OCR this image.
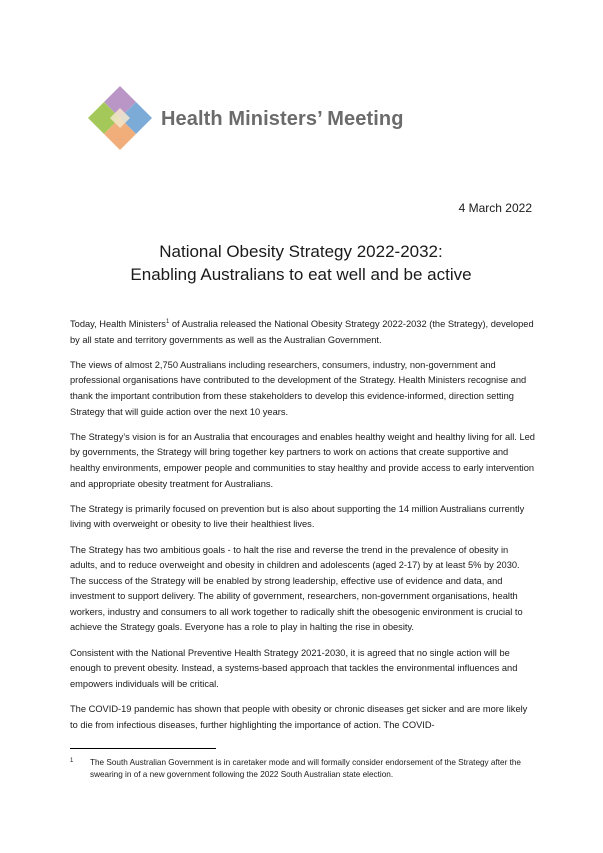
Health Ministers’ Meeting
4 March 2022
National Obesity Strategy 2022-2032:
Enabling Australians to eat well and be active

Today, Health Ministers$^1$ of Australia released the National Obesity Strategy 2022-2032 (the Strategy), developed by all state and territory governments as well as the Australian Government.

The views of almost 2,750 Australians including researchers, consumers, industry, non-government and professional organisations have contributed to the development of the Strategy. Health Ministers recognise and thank the important contribution from these stakeholders to develop this evidence-informed, direction setting Strategy that will guide action over the next 10 years.

The Strategy’s vision is for an Australia that encourages and enables healthy weight and healthy living for all. Led by governments, the Strategy will bring together key partners to work on actions that create supportive and healthy environments, empower people and communities to stay healthy and provide access to early intervention and appropriate obesity treatment for Australians.

The Strategy is primarily focused on prevention but is also about supporting the 14 million Australians currently living with overweight or obesity to live their healthiest lives.

The Strategy has two ambitious goals - to halt the rise and reverse the trend in the prevalence of obesity in adults, and to reduce overweight and obesity in children and adolescents (aged 2-17) by at least 5% by 2030. The success of the Strategy will be enabled by strong leadership, effective use of evidence and data, and investment to support delivery. The ability of government, researchers, non-government organisations, health workers, industry and consumers to all work together to radically shift the obesogenic environment is crucial to achieve the Strategy goals. Everyone has a role to play in halting the rise in obesity.

Consistent with the National Preventive Health Strategy 2021-2030, it is agreed that no single action will be enough to prevent obesity. Instead, a systems-based approach that tackles the environmental influences and empowers individuals will be critical.

The COVID-19 pandemic has shown that people with obesity or chronic diseases get sicker and are more likely to die from infectious diseases, further highlighting the importance of action. The COVID-

1 The South Australian Government is in caretaker mode and will formally consider endorsement of the Strategy after the swearing in of a new government following the 2022 South Australian state election.
